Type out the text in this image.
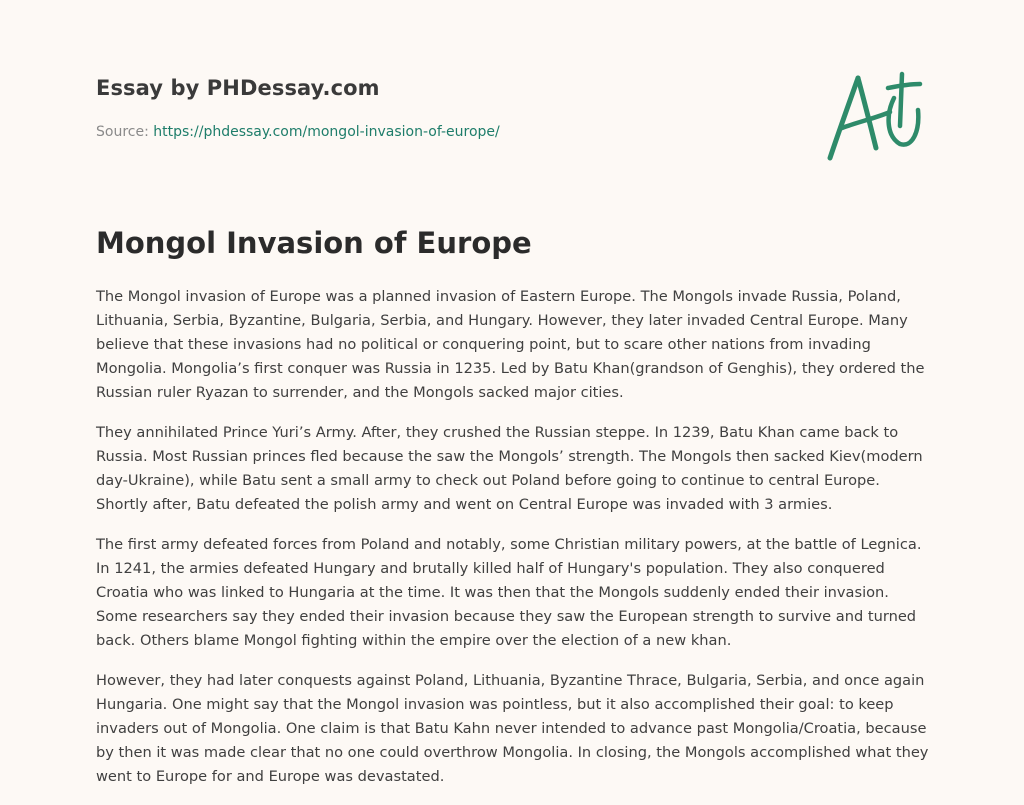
Essay by PHDessay.com
Source: https://phdessay.com/mongol-invasion-of-europe/
Mongol Invasion of Europe

The Mongol invasion of Europe was a planned invasion of Eastern Europe. The Mongols invade Russia, Poland, Lithuania, Serbia, Byzantine, Bulgaria, Serbia, and Hungary. However, they later invaded Central Europe. Many believe that these invasions had no political or conquering point, but to scare other nations from invading Mongolia. Mongolia’s first conquer was Russia in 1235. Led by Batu Khan(grandson of Genghis), they ordered the Russian ruler Ryazan to surrender, and the Mongols sacked major cities.

They annihilated Prince Yuri’s Army. After, they crushed the Russian steppe. In 1239, Batu Khan came back to Russia. Most Russian princes fled because the saw the Mongols’ strength. The Mongols then sacked Kiev(modern day-Ukraine), while Batu sent a small army to check out Poland before going to continue to central Europe. Shortly after, Batu defeated the polish army and went on Central Europe was invaded with 3 armies.

The first army defeated forces from Poland and notably, some Christian military powers, at the battle of Legnica. In 1241, the armies defeated Hungary and brutally killed half of Hungary's population. They also conquered Croatia who was linked to Hungaria at the time. It was then that the Mongols suddenly ended their invasion. Some researchers say they ended their invasion because they saw the European strength to survive and turned back. Others blame Mongol fighting within the empire over the election of a new khan.

However, they had later conquests against Poland, Lithuania, Byzantine Thrace, Bulgaria, Serbia, and once again Hungaria. One might say that the Mongol invasion was pointless, but it also accomplished their goal: to keep invaders out of Mongolia. One claim is that Batu Kahn never intended to advance past Mongolia/Croatia, because by then it was made clear that no one could overthrow Mongolia. In closing, the Mongols accomplished what they went to Europe for and Europe was devastated.
